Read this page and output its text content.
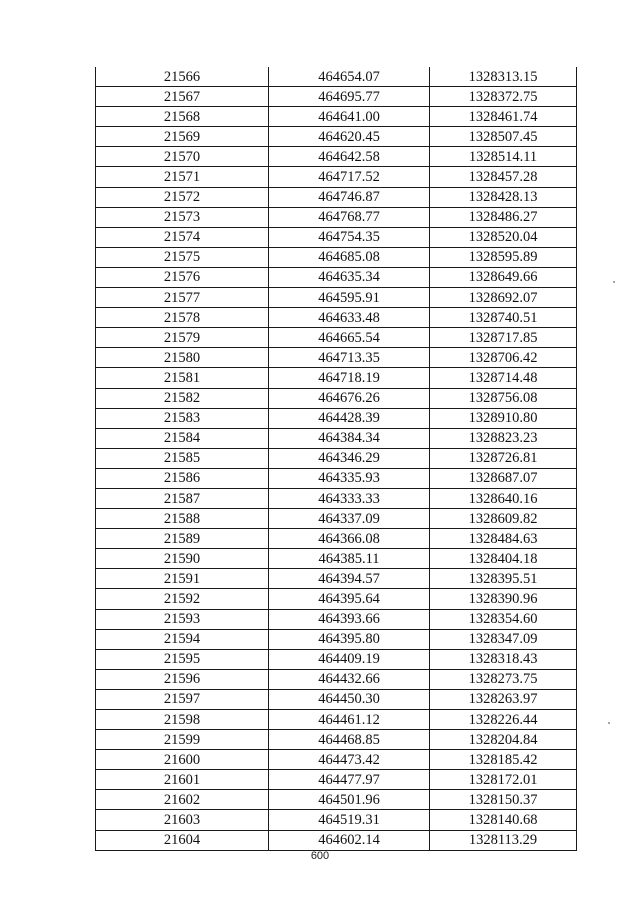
21566	464654.07	1328313.15
21567	464695.77	1328372.75
21568	464641.00	1328461.74
21569	464620.45	1328507.45
21570	464642.58	1328514.11
21571	464717.52	1328457.28
21572	464746.87	1328428.13
21573	464768.77	1328486.27
21574	464754.35	1328520.04
21575	464685.08	1328595.89
21576	464635.34	1328649.66
21577	464595.91	1328692.07
21578	464633.48	1328740.51
21579	464665.54	1328717.85
21580	464713.35	1328706.42
21581	464718.19	1328714.48
21582	464676.26	1328756.08
21583	464428.39	1328910.80
21584	464384.34	1328823.23
21585	464346.29	1328726.81
21586	464335.93	1328687.07
21587	464333.33	1328640.16
21588	464337.09	1328609.82
21589	464366.08	1328484.63
21590	464385.11	1328404.18
21591	464394.57	1328395.51
21592	464395.64	1328390.96
21593	464393.66	1328354.60
21594	464395.80	1328347.09
21595	464409.19	1328318.43
21596	464432.66	1328273.75
21597	464450.30	1328263.97
21598	464461.12	1328226.44
21599	464468.85	1328204.84
21600	464473.42	1328185.42
21601	464477.97	1328172.01
21602	464501.96	1328150.37
21603	464519.31	1328140.68
21604	464602.14	1328113.29
600
